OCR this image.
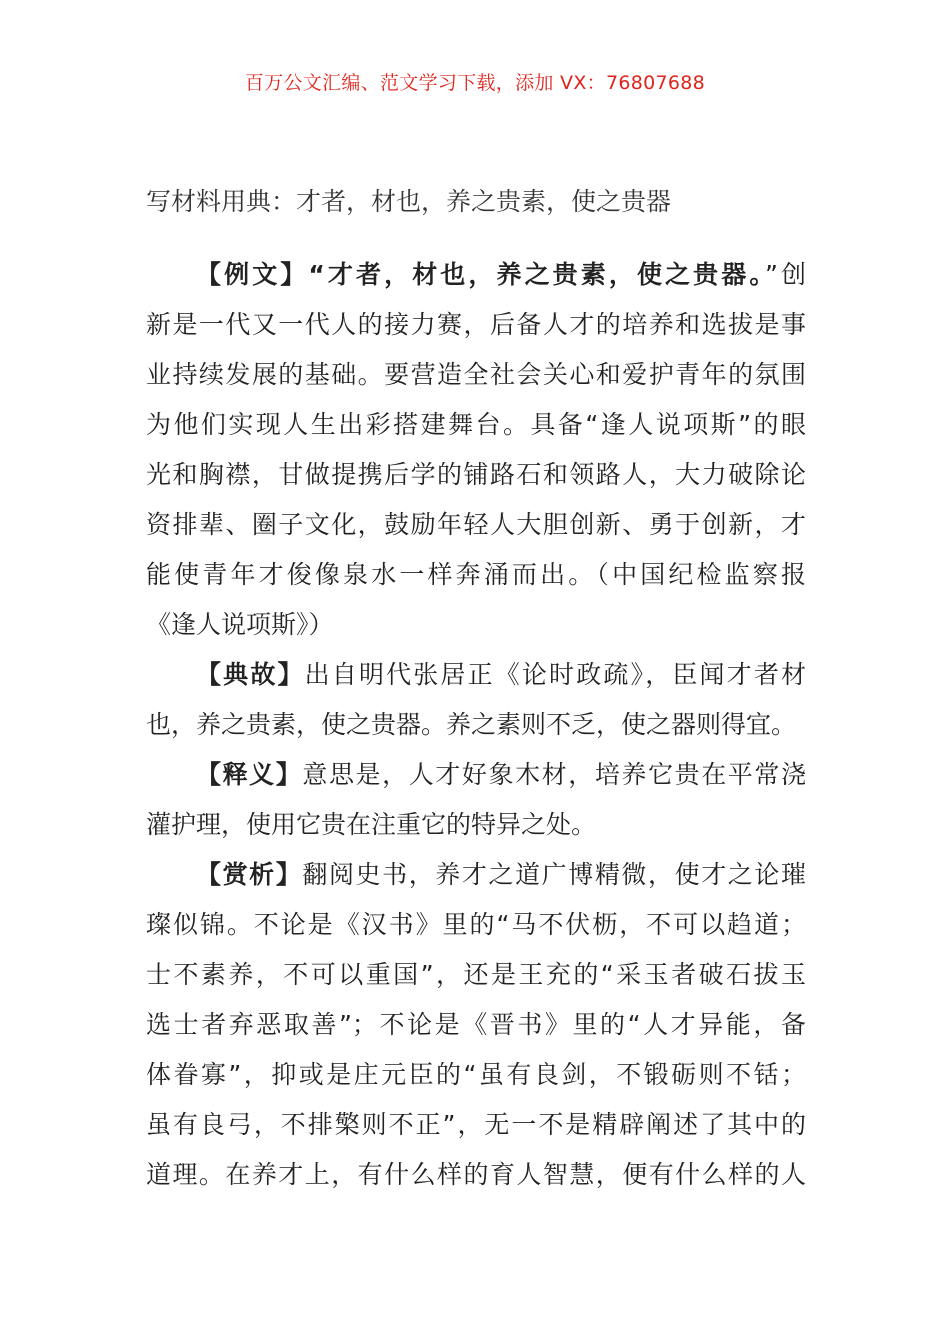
百万公文汇编、范文学习下载，添加 VX：76807688
写材料用典：才者，材也，养之贵素，使之贵器
【例文】“才者，材也，养之贵素，使之贵器。”创
新是一代又一代人的接力赛，后备人才的培养和选拔是事
业持续发展的基础。要营造全社会关心和爱护青年的氛围
为他们实现人生出彩搭建舞台。具备“逢人说项斯”的眼
光和胸襟，甘做提携后学的铺路石和领路人，大力破除论
资排辈、圈子文化，鼓励年轻人大胆创新、勇于创新，才
能使青年才俊像泉水一样奔涌而出。（中国纪检监察报
《逢人说项斯》）
【典故】出自明代张居正《论时政疏》，臣闻才者材
也，养之贵素，使之贵器。养之素则不乏，使之器则得宜。
【释义】意思是，人才好象木材，培养它贵在平常浇
灌护理，使用它贵在注重它的特异之处。
【赏析】翻阅史书，养才之道广博精微，使才之论璀
璨似锦。不论是《汉书》里的“马不伏枥，不可以趋道；
士不素养，不可以重国”，还是王充的“采玉者破石拔玉
选士者弃恶取善”；不论是《晋书》里的“人才异能，备
体眷寡”，抑或是庄元臣的“虽有良剑，不锻砺则不铦；
虽有良弓，不排檠则不正”，无一不是精辟阐述了其中的
道理。在养才上，有什么样的育人智慧，便有什么样的人
